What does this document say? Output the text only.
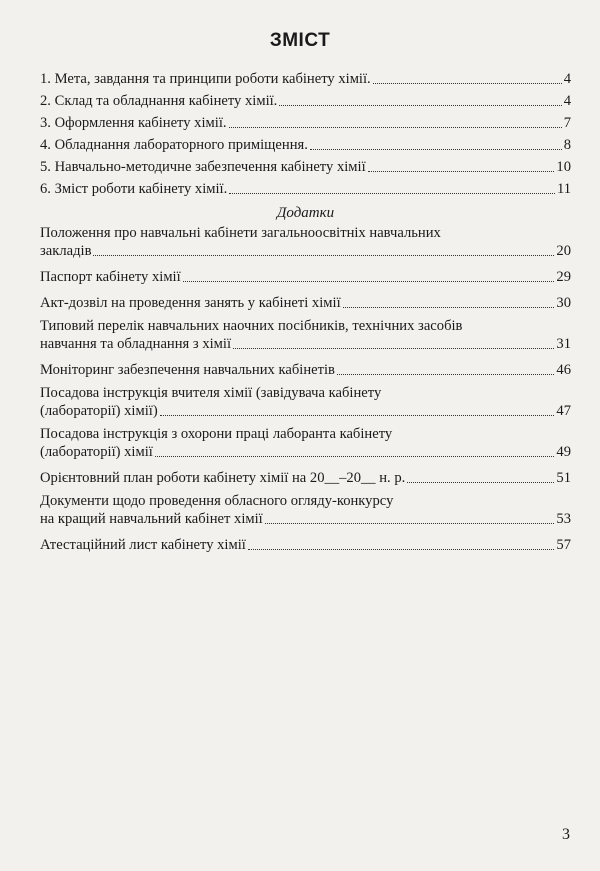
ЗМІСТ
1. Мета, завдання та принципи роботи кабінету хімії.	4
2. Склад та обладнання кабінету хімії.	4
3. Оформлення кабінету хімії.	7
4. Обладнання лабораторного приміщення.	8
5. Навчально-методичне забезпечення кабінету хімії	10
6. Зміст роботи кабінету хімії.	11
Додатки
Положення про навчальні кабінети загальноосвітніх навчальних
закладів	20
Паспорт кабінету хімії	29
Акт-дозвіл на проведення занять у кабінеті хімії	30
Типовий перелік навчальних наочних посібників, технічних засобів
навчання та обладнання з хімії	31
Моніторинг забезпечення навчальних кабінетів	46
Посадова інструкція вчителя хімії (завідувача кабінету
(лабораторії) хімії)	47
Посадова інструкція з охорони праці лаборанта кабінету
(лабораторії) хімії	49
Орієнтовний план роботи кабінету хімії на 20__–20__ н. р.	51
Документи щодо проведення обласного огляду-конкурсу
на кращий навчальний кабінет хімії	53
Атестаційний лист кабінету хімії	57
3
